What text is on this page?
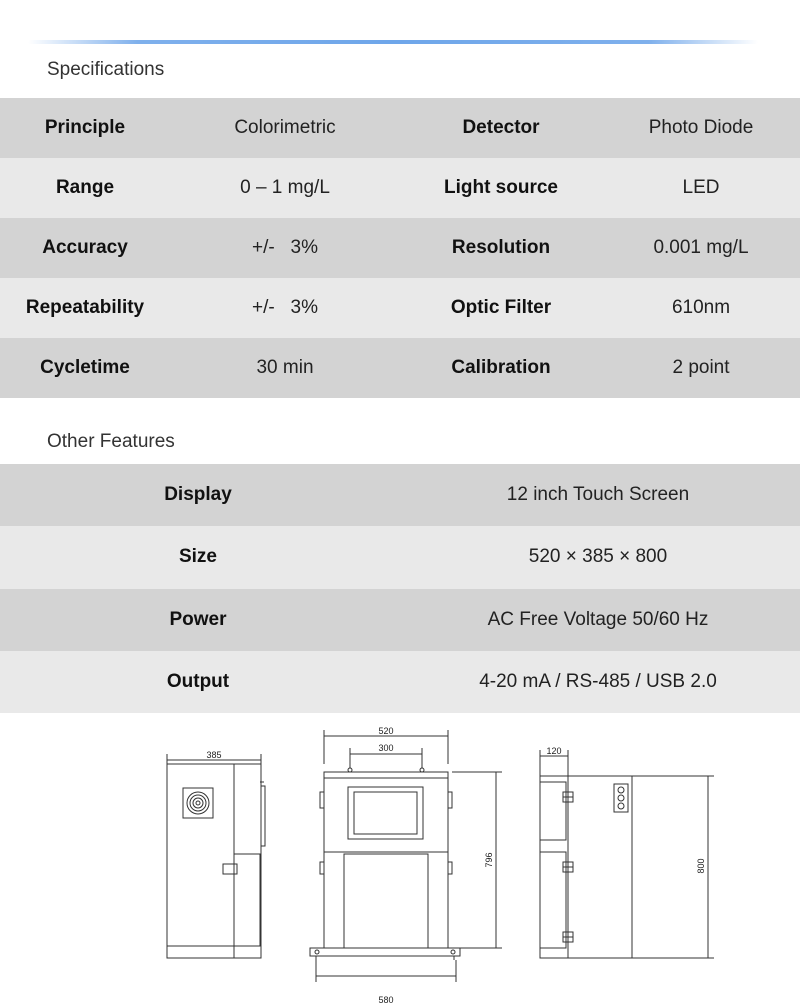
Specifications
Principle	Colorimetric	Detector	Photo Diode
Range	0 – 1 mg/L	Light source	LED
Accuracy	+/-   3%	Resolution	0.001 mg/L
Repeatability	+/-   3%	Optic Filter	610nm
Cycletime	30 min	Calibration	2 point
Other Features
Display	12 inch Touch Screen
Size	520 × 385 × 800
Power	AC Free Voltage 50/60 Hz
Output	4-20 mA / RS-485 / USB 2.0
385
520
300
580
796
120
800
